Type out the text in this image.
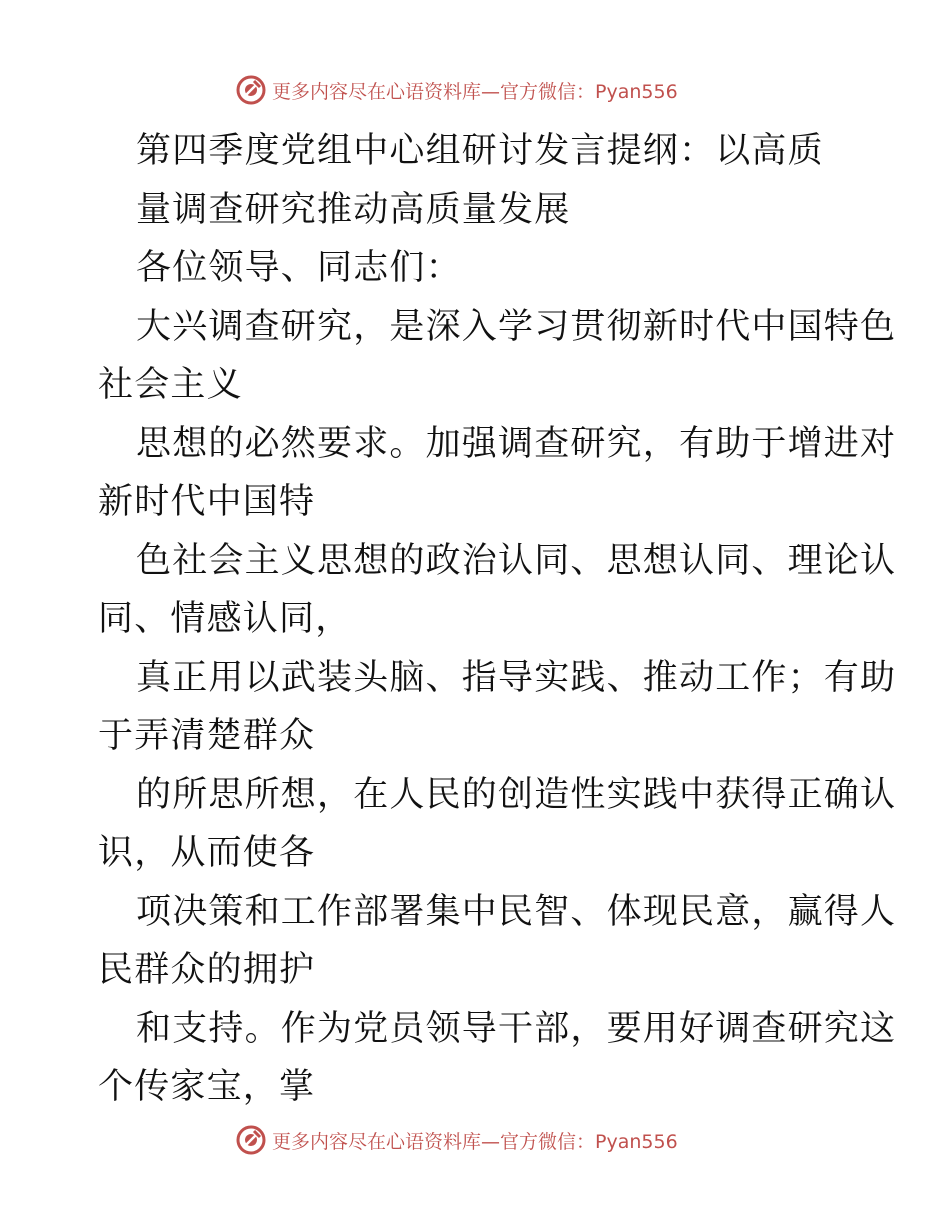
更多内容尽在心语资料库—官方微信：Pyan556
第四季度党组中心组研讨发言提纲：以高质
量调查研究推动高质量发展
各位领导、同志们：
大兴调查研究，是深入学习贯彻新时代中国特色
社会主义
思想的必然要求。加强调查研究，有助于增进对
新时代中国特
色社会主义思想的政治认同、思想认同、理论认
同、情感认同，
真正用以武装头脑、指导实践、推动工作；有助
于弄清楚群众
的所思所想，在人民的创造性实践中获得正确认
识，从而使各
项决策和工作部署集中民智、体现民意，赢得人
民群众的拥护
和支持。作为党员领导干部，要用好调查研究这
个传家宝，掌
更多内容尽在心语资料库—官方微信：Pyan556
